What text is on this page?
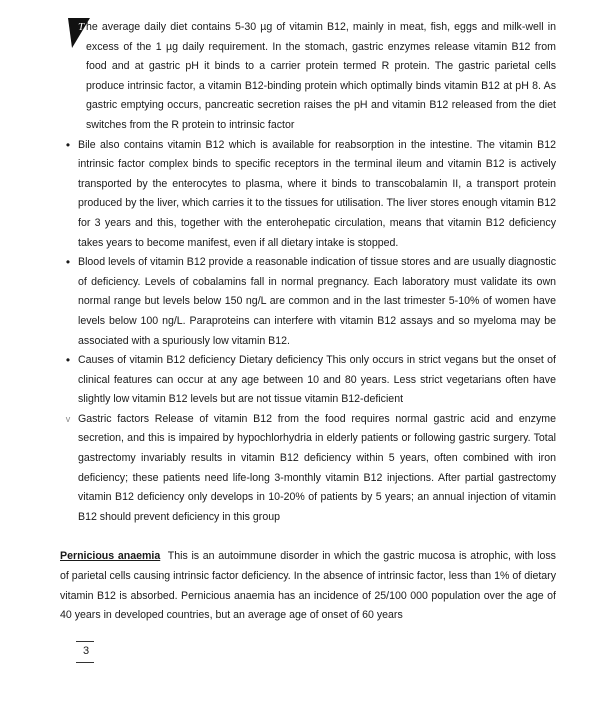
T he average daily diet contains 5-30 µg of vitamin B12, mainly in meat, fish, eggs and milk-well in excess of the 1 µg daily requirement. In the stomach, gastric enzymes release vitamin B12 from food and at gastric pH it binds to a carrier protein termed R protein. The gastric parietal cells produce intrinsic factor, a vitamin B12-binding protein which optimally binds vitamin B12 at pH 8. As gastric emptying occurs, pancreatic secretion raises the pH and vitamin B12 released from the diet switches from the R protein to intrinsic factor
• Bile also contains vitamin B12 which is available for reabsorption in the intestine. The vitamin B12 intrinsic factor complex binds to specific receptors in the terminal ileum and vitamin B12 is actively transported by the enterocytes to plasma, where it binds to transcobalamin II, a transport protein produced by the liver, which carries it to the tissues for utilisation. The liver stores enough vitamin B12 for 3 years and this, together with the enterohepatic circulation, means that vitamin B12 deficiency takes years to become manifest, even if all dietary intake is stopped.
• Blood levels of vitamin B12 provide a reasonable indication of tissue stores and are usually diagnostic of deficiency. Levels of cobalamins fall in normal pregnancy. Each laboratory must validate its own normal range but levels below 150 ng/L are common and in the last trimester 5-10% of women have levels below 100 ng/L. Paraproteins can interfere with vitamin B12 assays and so myeloma may be associated with a spuriously low vitamin B12.
• Causes of vitamin B12 deficiency Dietary deficiency This only occurs in strict vegans but the onset of clinical features can occur at any age between 10 and 80 years. Less strict vegetarians often have slightly low vitamin B12 levels but are not tissue vitamin B12-deficient
v Gastric factors Release of vitamin B12 from the food requires normal gastric acid and enzyme secretion, and this is impaired by hypochlorhydria in elderly patients or following gastric surgery. Total gastrectomy invariably results in vitamin B12 deficiency within 5 years, often combined with iron deficiency; these patients need life-long 3-monthly vitamin B12 injections. After partial gastrectomy vitamin B12 deficiency only develops in 10-20% of patients by 5 years; an annual injection of vitamin B12 should prevent deficiency in this group
Pernicious anaemia This is an autoimmune disorder in which the gastric mucosa is atrophic, with loss of parietal cells causing intrinsic factor deficiency. In the absence of intrinsic factor, less than 1% of dietary vitamin B12 is absorbed. Pernicious anaemia has an incidence of 25/100 000 population over the age of 40 years in developed countries, but an average age of onset of 60 years
3
